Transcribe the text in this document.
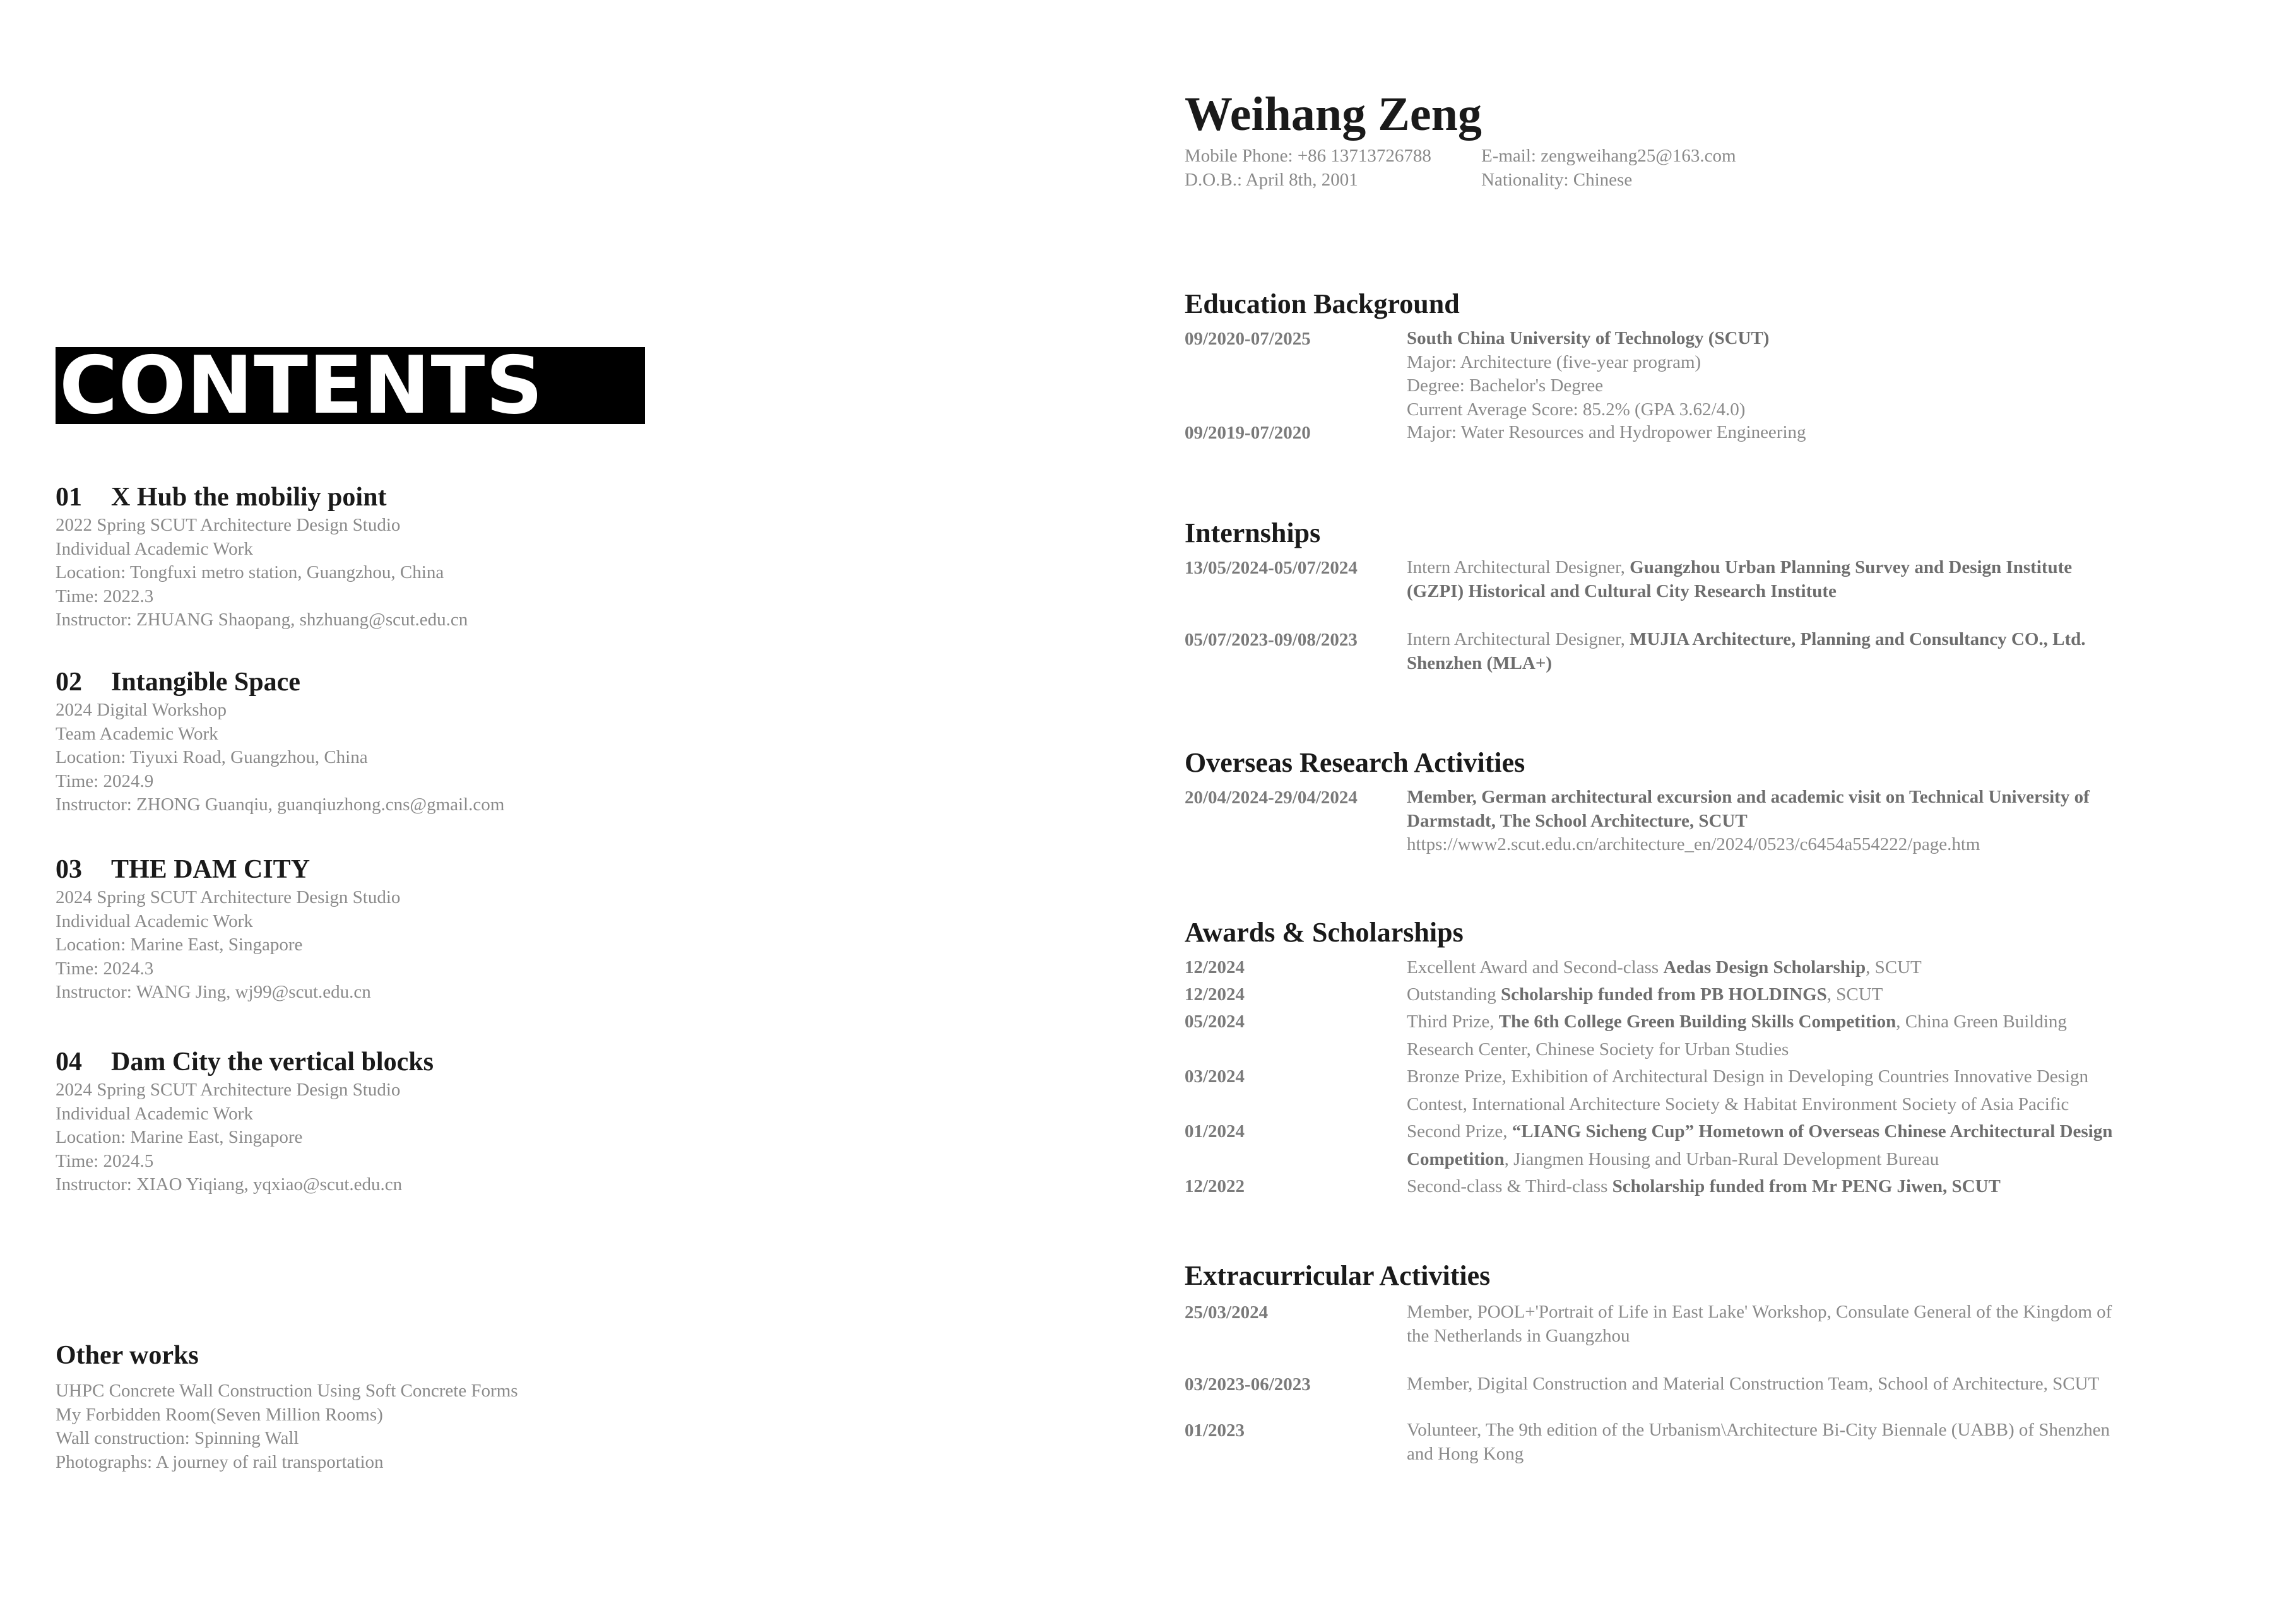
CONTENTS
01 X Hub the mobiliy point
2022 Spring SCUT Architecture Design Studio
Individual Academic Work
Location: Tongfuxi metro station, Guangzhou, China
Time: 2022.3
Instructor: ZHUANG Shaopang, shzhuang@scut.edu.cn
02 Intangible Space
2024 Digital Workshop
Team Academic Work
Location: Tiyuxi Road, Guangzhou, China
Time: 2024.9
Instructor: ZHONG Guanqiu, guanqiuzhong.cns@gmail.com
03 THE DAM CITY
2024 Spring SCUT Architecture Design Studio
Individual Academic Work
Location: Marine East, Singapore
Time: 2024.3
Instructor: WANG Jing, wj99@scut.edu.cn
04 Dam City the vertical blocks
2024 Spring SCUT Architecture Design Studio
Individual Academic Work
Location: Marine East, Singapore
Time: 2024.5
Instructor: XIAO Yiqiang, yqxiao@scut.edu.cn
Other works
UHPC Concrete Wall Construction Using Soft Concrete Forms
My Forbidden Room(Seven Million Rooms)
Wall construction: Spinning Wall
Photographs: A journey of rail transportation
Weihang Zeng
Mobile Phone: +86 13713726788
D.O.B.: April 8th, 2001
E-mail: zengweihang25@163.com
Nationality: Chinese
Education Background
09/2020-07/2025	South China University of Technology (SCUT)
Major: Architecture (five-year program)
Degree: Bachelor's Degree
Current Average Score: 85.2% (GPA 3.62/4.0)
09/2019-07/2020	Major: Water Resources and Hydropower Engineering
Internships
13/05/2024-05/07/2024	Intern Architectural Designer, Guangzhou Urban Planning Survey and Design Institute
(GZPI) Historical and Cultural City Research Institute
05/07/2023-09/08/2023	Intern Architectural Designer, MUJIA Architecture, Planning and Consultancy CO., Ltd.
Shenzhen (MLA+)
Overseas Research Activities
20/04/2024-29/04/2024	Member, German architectural excursion and academic visit on Technical University of
Darmstadt, The School Architecture, SCUT
https://www2.scut.edu.cn/architecture_en/2024/0523/c6454a554222/page.htm
Awards & Scholarships
12/2024	Excellent Award and Second-class Aedas Design Scholarship, SCUT
12/2024	Outstanding Scholarship funded from PB HOLDINGS, SCUT
05/2024	Third Prize, The 6th College Green Building Skills Competition, China Green Building
Research Center, Chinese Society for Urban Studies
03/2024	Bronze Prize, Exhibition of Architectural Design in Developing Countries Innovative Design
Contest, International Architecture Society & Habitat Environment Society of Asia Pacific
01/2024	Second Prize, “LIANG Sicheng Cup” Hometown of Overseas Chinese Architectural Design
Competition, Jiangmen Housing and Urban-Rural Development Bureau
12/2022	Second-class & Third-class Scholarship funded from Mr PENG Jiwen, SCUT
Extracurricular Activities
25/03/2024	Member, POOL+'Portrait of Life in East Lake' Workshop, Consulate General of the Kingdom of
the Netherlands in Guangzhou
03/2023-06/2023	Member, Digital Construction and Material Construction Team, School of Architecture, SCUT
01/2023	Volunteer, The 9th edition of the Urbanism\Architecture Bi-City Biennale (UABB) of Shenzhen
and Hong Kong
